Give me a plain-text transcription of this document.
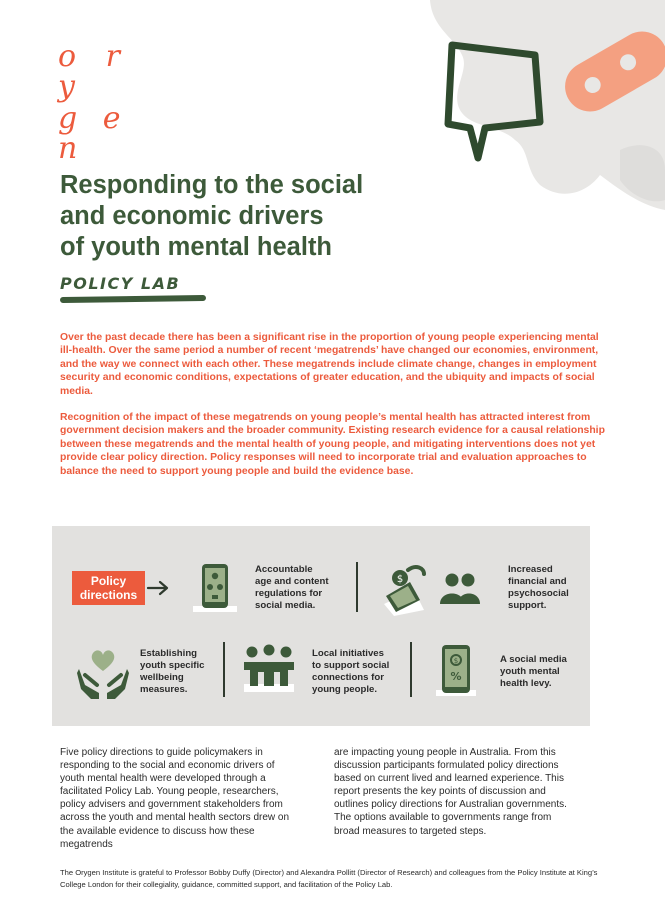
o r y
g e n
Responding to the social
and economic drivers
of youth mental health
POLICY LAB

Over the past decade there has been a significant rise in the proportion of young people experiencing mental ill-health. Over the same period a number of recent ‘megatrends’ have changed our economies, environment, and the way we connect with each other. These megatrends include climate change, changes in employment security and economic conditions, expectations of greater education, and the ubiquity and impacts of social media.

Recognition of the impact of these megatrends on young people’s mental health has attracted interest from government decision makers and the broader community. Existing research evidence for a causal relationship between these megatrends and the mental health of young people, and mitigating interventions does not yet provide clear policy direction. Policy responses will need to incorporate trial and evaluation approaches to balance the need to support young people and build the evidence base.

Policy
directions
Accountable
age and content
regulations for
social media.
$
Increased
financial and
psychosocial
support.
Establishing
youth specific
wellbeing
measures.
Local initiatives
to support social
connections for
young people.
$
%
A social media
youth mental
health levy.

Five policy directions to guide policymakers in responding to the social and economic drivers of youth mental health were developed through a facilitated Policy Lab. Young people, researchers, policy advisers and government stakeholders from across the youth and mental health sectors drew on the available evidence to discuss how these megatrends

are impacting young people in Australia. From this discussion participants formulated policy directions based on current lived and learned experience. This report presents the key points of discussion and outlines policy directions for Australian governments. The options available to governments range from broad measures to targeted steps.

The Orygen Institute is grateful to Professor Bobby Duffy (Director) and Alexandra Pollitt (Director of Research) and colleagues from the Policy Institute at King’s College London for their collegiality, guidance, committed support, and facilitation of the Policy Lab.
